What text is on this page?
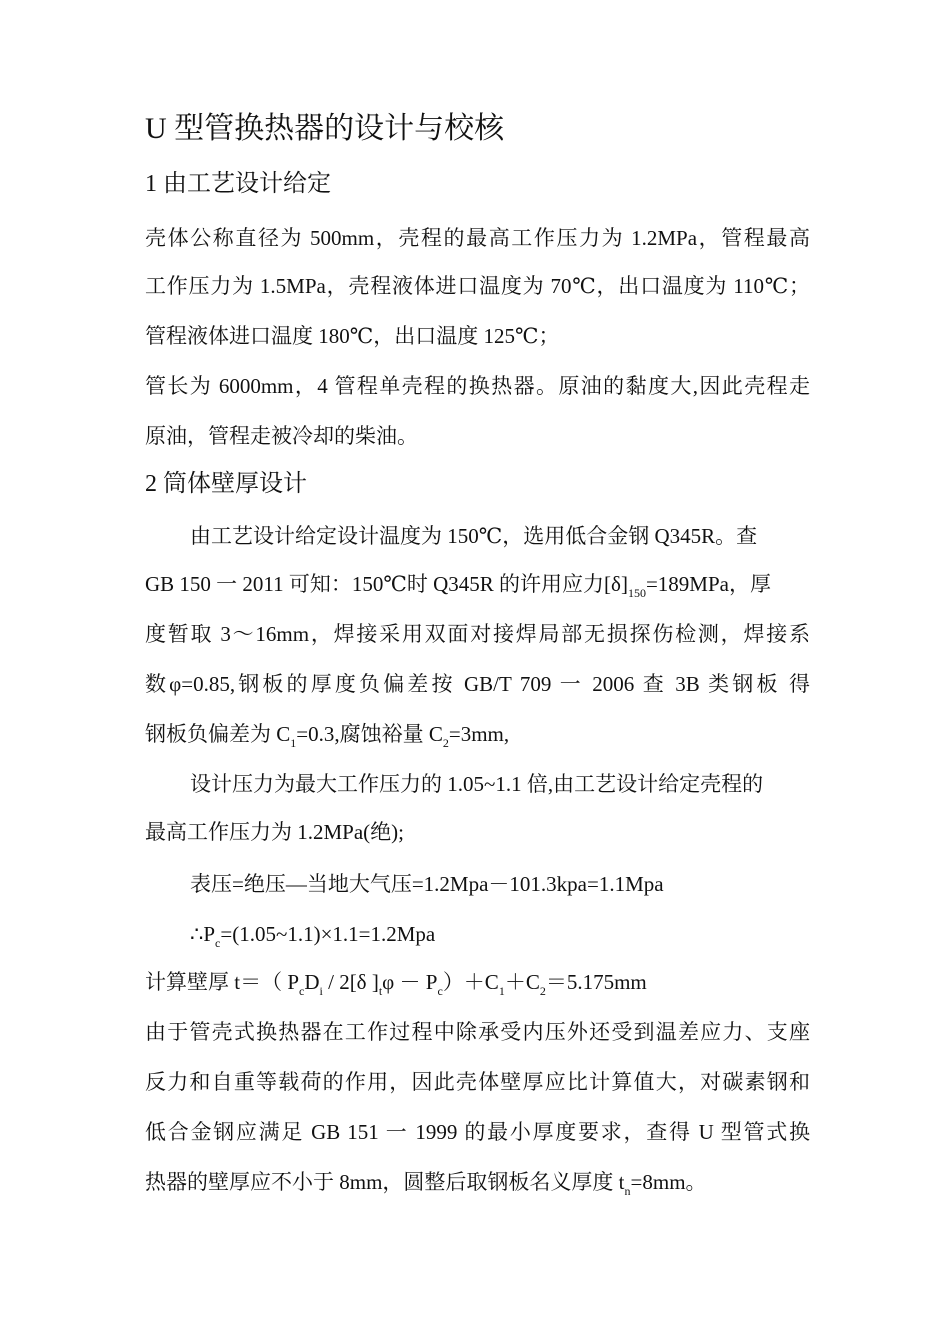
U 型管换热器的设计与校核
1 由工艺设计给定
壳体公称直径为 500mm，壳程的最高工作压力为 1.2MPa，管程最高
工作压力为 1.5MPa，壳程液体进口温度为 70℃，出口温度为 110℃；
管程液体进口温度 180℃，出口温度 125℃；
管长为 6000mm，4 管程单壳程的换热器。原油的黏度大,因此壳程走
原油，管程走被冷却的柴油。
2 筒体壁厚设计
由工艺设计给定设计温度为 150℃，选用低合金钢 Q345R。查
GB 150 一 2011 可知：150℃时 Q345R 的许用应力$[\delta]_{150}=189MPa$，厚
度暂取 3～16mm，焊接采用双面对接焊局部无损探伤检测，焊接系
数φ=0.85,钢板的厚度负偏差按 GB/T 709 一 2006 查 3B 类钢板 得
钢板负偏差为 $C_1=0.3$,腐蚀裕量 $C_2=3mm$,
设计压力为最大工作压力的 1.05~1.1 倍,由工艺设计给定壳程的
最高工作压力为 1.2MPa(绝);
表压=绝压—当地大气压=1.2Mpa－101.3kpa=1.1Mpa
$\therefore P_c=(1.05\sim 1.1)\times 1.1=1.2Mpa$
计算壁厚 t＝（ $P_cD_i / 2[\delta$ ]$_t\varphi - P_c)+C_1+C_2=5.175mm$
由于管壳式换热器在工作过程中除承受内压外还受到温差应力、支座
反力和自重等载荷的作用，因此壳体壁厚应比计算值大，对碳素钢和
低合金钢应满足 GB 151 一 1999 的最小厚度要求，查得 U 型管式换
热器的壁厚应不小于 8mm，圆整后取钢板名义厚度 $t_n=8mm$。
